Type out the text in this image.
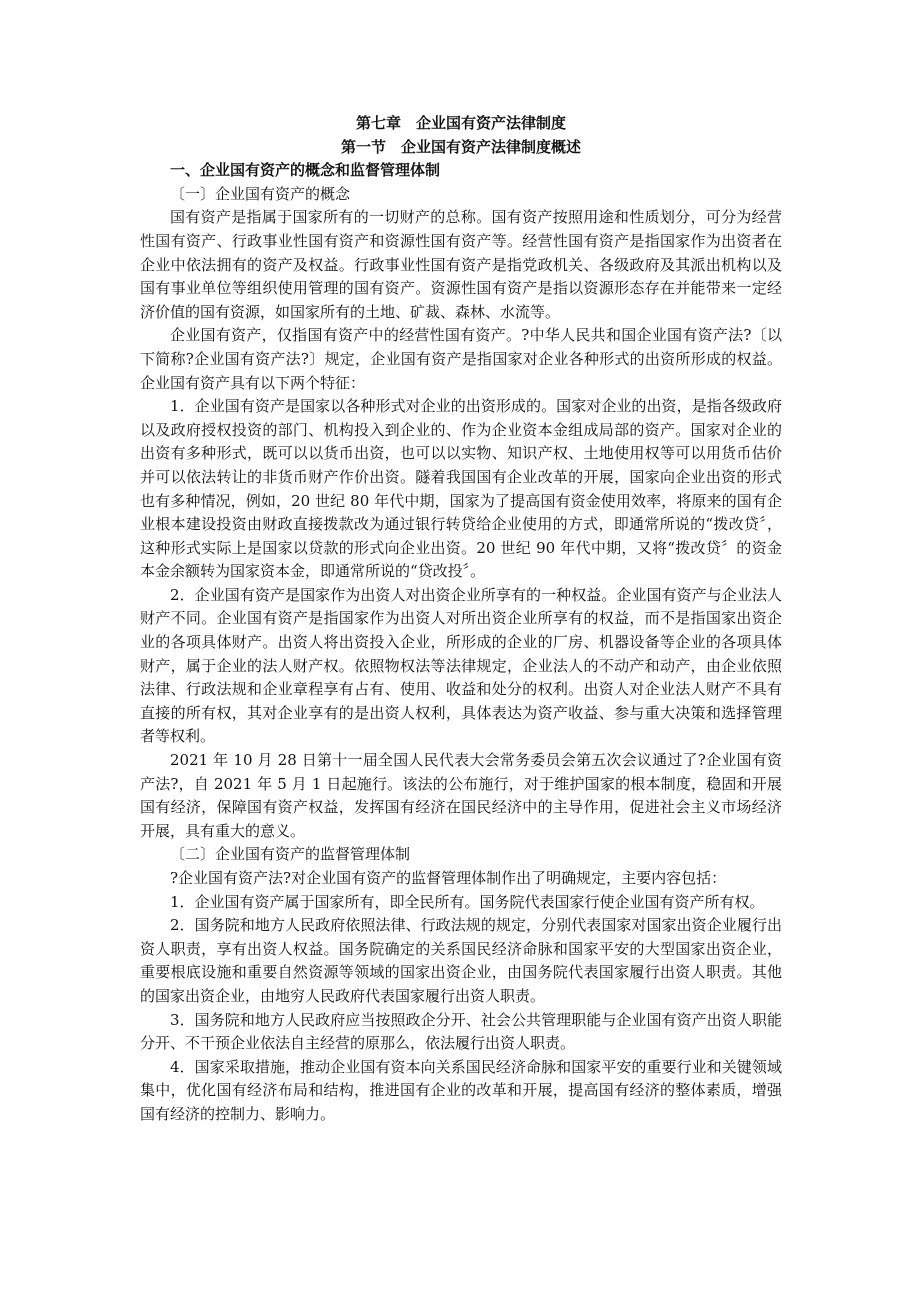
第七章　企业国有资产法律制度
第一节　企业国有资产法律制度概述
一、企业国有资产的概念和监督管理体制
〔一〕企业国有资产的概念

国有资产是指属于国家所有的一切财产的总称。国有资产按照用途和性质划分，可分为经营性国有资产、行政事业性国有资产和资源性国有资产等。经营性国有资产是指国家作为出资者在企业中依法拥有的资产及权益。行政事业性国有资产是指党政机关、各级政府及其派出机构以及国有事业单位等组织使用管理的国有资产。资源性国有资产是指以资源形态存在并能带来一定经济价值的国有资源，如国家所有的土地、矿裁、森林、水流等。

企业国有资产，仅指国有资产中的经营性国有资产。?中华人民共和国企业国有资产法?〔以下简称?企业国有资产法?〕规定，企业国有资产是指国家对企业各种形式的出资所形成的权益。企业国有资产具有以下两个特征：

1．企业国有资产是国家以各种形式对企业的出资形成的。国家对企业的出资，是指各级政府以及政府授权投资的部门、机构投入到企业的、作为企业资本金组成局部的资产。国家对企业的出资有多种形式，既可以以货币出资，也可以以实物、知识产权、土地使用权等可以用货币估价并可以依法转让的非货币财产作价出资。隧着我国国有企业改革的开展，国家向企业出资的形式也有多种情况，例如，20 世纪 80 年代中期，国家为了提高国有资金使用效率，将原来的国有企业根本建设投资由财政直接拨款改为通过银行转贷给企业使用的方式，即通常所说的“拨改贷〞，这种形式实际上是国家以贷款的形式向企业出资。20 世纪 90 年代中期，又将“拨改贷〞的资金本金余额转为国家资本金，即通常所说的“贷改投〞。

2．企业国有资产是国家作为出资人对出资企业所享有的一种权益。企业国有资产与企业法人财产不同。企业国有资产是指国家作为出资人对所出资企业所享有的权益，而不是指国家出资企业的各项具体财产。出资人将出资投入企业，所形成的企业的厂房、机器设备等企业的各项具体财产，属于企业的法人财产权。依照物权法等法律规定，企业法人的不动产和动产，由企业依照法律、行政法规和企业章程享有占有、使用、收益和处分的权利。出资人对企业法人财产不具有直接的所有权，其对企业享有的是出资人权利，具体表达为资产收益、参与重大决策和选择管理者等权利。

2021 年 10 月 28 日第十一届全国人民代表大会常务委员会第五次会议通过了?企业国有资产法?，自 2021 年 5 月 1 日起施行。该法的公布施行，对于维护国家的根本制度，稳固和开展国有经济，保障国有资产权益，发挥国有经济在国民经济中的主导作用，促进社会主义市场经济开展，具有重大的意义。

〔二〕企业国有资产的监督管理体制

?企业国有资产法?对企业国有资产的监督管理体制作出了明确规定，主要内容包括：

1．企业国有资产属于国家所有，即全民所有。国务院代表国家行使企业国有资产所有权。

2．国务院和地方人民政府依照法律、行政法规的规定，分别代表国家对国家出资企业履行出资人职责，享有出资人权益。国务院确定的关系国民经济命脉和国家平安的大型国家出资企业，重要根底设施和重要自然资源等领域的国家出资企业，由国务院代表国家履行出资人职责。其他的国家出资企业，由地穷人民政府代表国家履行出资人职责。

3．国务院和地方人民政府应当按照政企分开、社会公共管理职能与企业国有资产出资人职能分开、不干预企业依法自主经营的原那么，依法履行出资人职责。

4．国家采取措施，推动企业国有资本向关系国民经济命脉和国家平安的重要行业和关键领域集中，优化国有经济布局和结构，推进国有企业的改革和开展，提高国有经济的整体素质，增强国有经济的控制力、影响力。
